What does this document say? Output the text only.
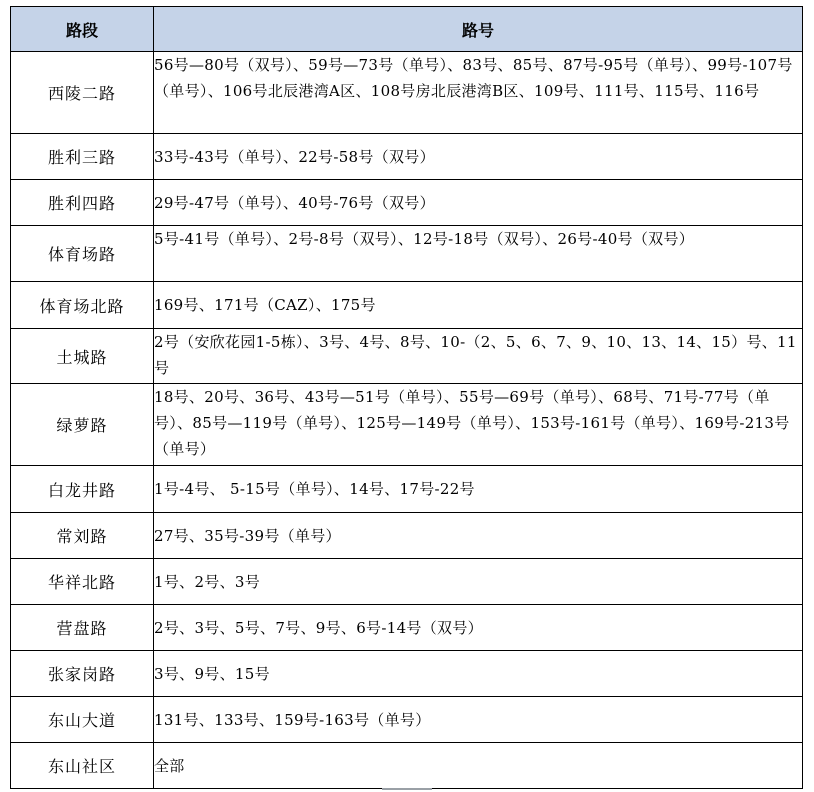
路段	路号
西陵二路	56号—80号（双号）、59号—73号（单号）、83号、85号、87号-95号（单号）、99号-107号（单号）、106号北辰港湾A区、108号房北辰港湾B区、109号、111号、115号、116号
胜利三路	33号-43号（单号）、22号-58号（双号）
胜利四路	29号-47号（单号）、40号-76号（双号）
体育场路	5号-41号（单号）、2号-8号（双号）、12号-18号（双号）、26号-40号（双号）
体育场北路	169号、171号（CAZ）、175号
土城路	2号（安欣花园1-5栋）、3号、4号、8号、10-（2、5、6、7、9、10、13、14、15）号、11号
绿萝路	18号、20号、36号、43号—51号（单号）、55号—69号（单号）、68号、71号-77号（单号）、85号—119号（单号）、125号—149号（单号）、153号-161号（单号）、169号-213号（单号）
白龙井路	1号-4号、 5-15号（单号）、14号、17号-22号
常刘路	27号、35号-39号（单号）
华祥北路	1号、2号、3号
营盘路	2号、3号、5号、7号、9号、6号-14号（双号）
张家岗路	3号、9号、15号
东山大道	131号、133号、159号-163号（单号）
东山社区	全部
